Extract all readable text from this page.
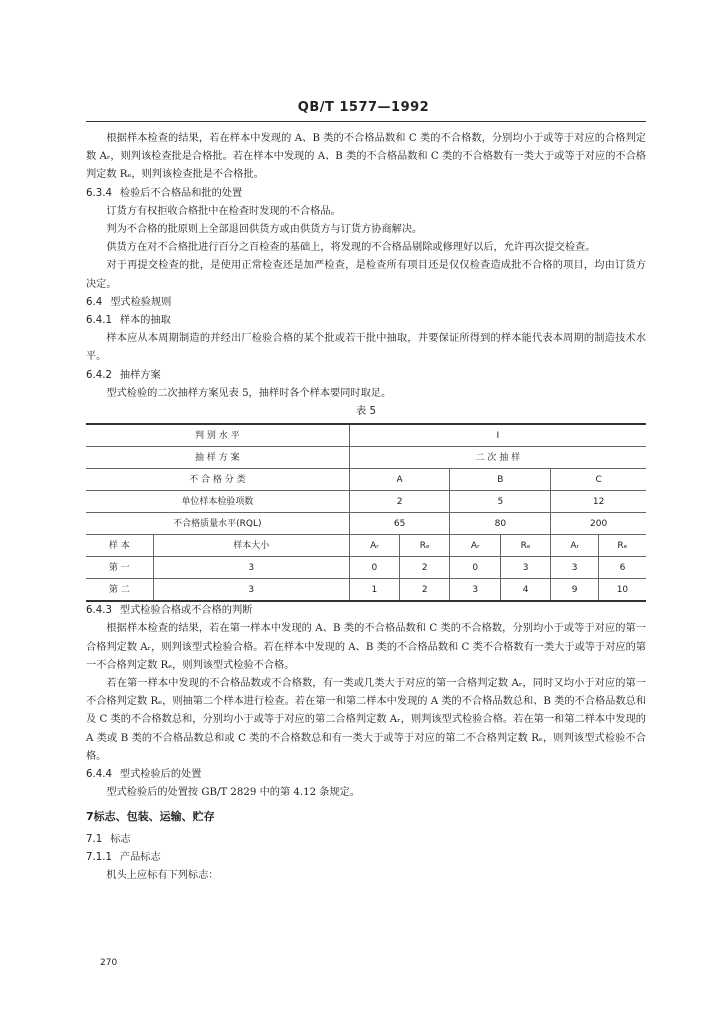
QB/T 1577—1992

根据样本检查的结果，若在样本中发现的 A、B 类的不合格品数和 C 类的不合格数，分别均小于或等于对应的合格判定数 Aᵣ，则判该检查批是合格批。若在样本中发现的 A、B 类的不合格品数和 C 类的不合格数有一类大于或等于对应的不合格判定数 Rₑ，则判该检查批是不合格批。

6.3.4 检验后不合格品和批的处置

订货方有权拒收合格批中在检查时发现的不合格品。

判为不合格的批原则上全部退回供货方或由供货方与订货方协商解决。

供货方在对不合格批进行百分之百检查的基础上，将发现的不合格品剔除或修理好以后，允许再次提交检查。

对于再提交检查的批，是使用正常检查还是加严检查，是检查所有项目还是仅仅检查造成批不合格的项目，均由订货方决定。

6.4 型式检验规则

6.4.1 样本的抽取

样本应从本周期制造的并经出厂检验合格的某个批或若干批中抽取，并要保证所得到的样本能代表本周期的制造技术水平。

6.4.2 抽样方案

型式检验的二次抽样方案见表 5，抽样时各个样本要同时取足。

表 5

判 别 水 平		I					
抽 样 方 案		二 次 抽 样					
不 合 格 分 类		A		B		C	
单位样本检验项数		2		5		12	
不合格质量水平(RQL)		65		80		200	
样 本	样本大小	Aᵣ	Rₑ	Aᵣ	Rₑ	Aᵣ	Rₑ
第 一	3	0	2	0	3	3	6
第 二	3	1	2	3	4	9	10

6.4.3 型式检验合格或不合格的判断

根据样本检查的结果，若在第一样本中发现的 A、B 类的不合格品数和 C 类的不合格数，分别均小于或等于对应的第一合格判定数 Aᵣ，则判该型式检验合格。若在样本中发现的 A、B 类的不合格品数和 C 类不合格数有一类大于或等于对应的第一不合格判定数 Rₑ，则判该型式检验不合格。

若在第一样本中发现的不合格品数或不合格数，有一类或几类大于对应的第一合格判定数 Aᵣ，同时又均小于对应的第一不合格判定数 Rₑ，则抽第二个样本进行检查。若在第一和第二样本中发现的 A 类的不合格品数总和、B 类的不合格品数总和及 C 类的不合格数总和，分别均小于或等于对应的第二合格判定数 Aᵣ，则判该型式检验合格。若在第一和第二样本中发现的 A 类或 B 类的不合格品数总和或 C 类的不合格数总和有一类大于或等于对应的第二不合格判定数 Rₑ，则判该型式检验不合格。

6.4.4 型式检验后的处置

型式检验后的处置按 GB/T 2829 中的第 4.12 条规定。

7标志、包装、运输、贮存

7.1 标志

7.1.1 产品标志

机头上应标有下列标志：

270
